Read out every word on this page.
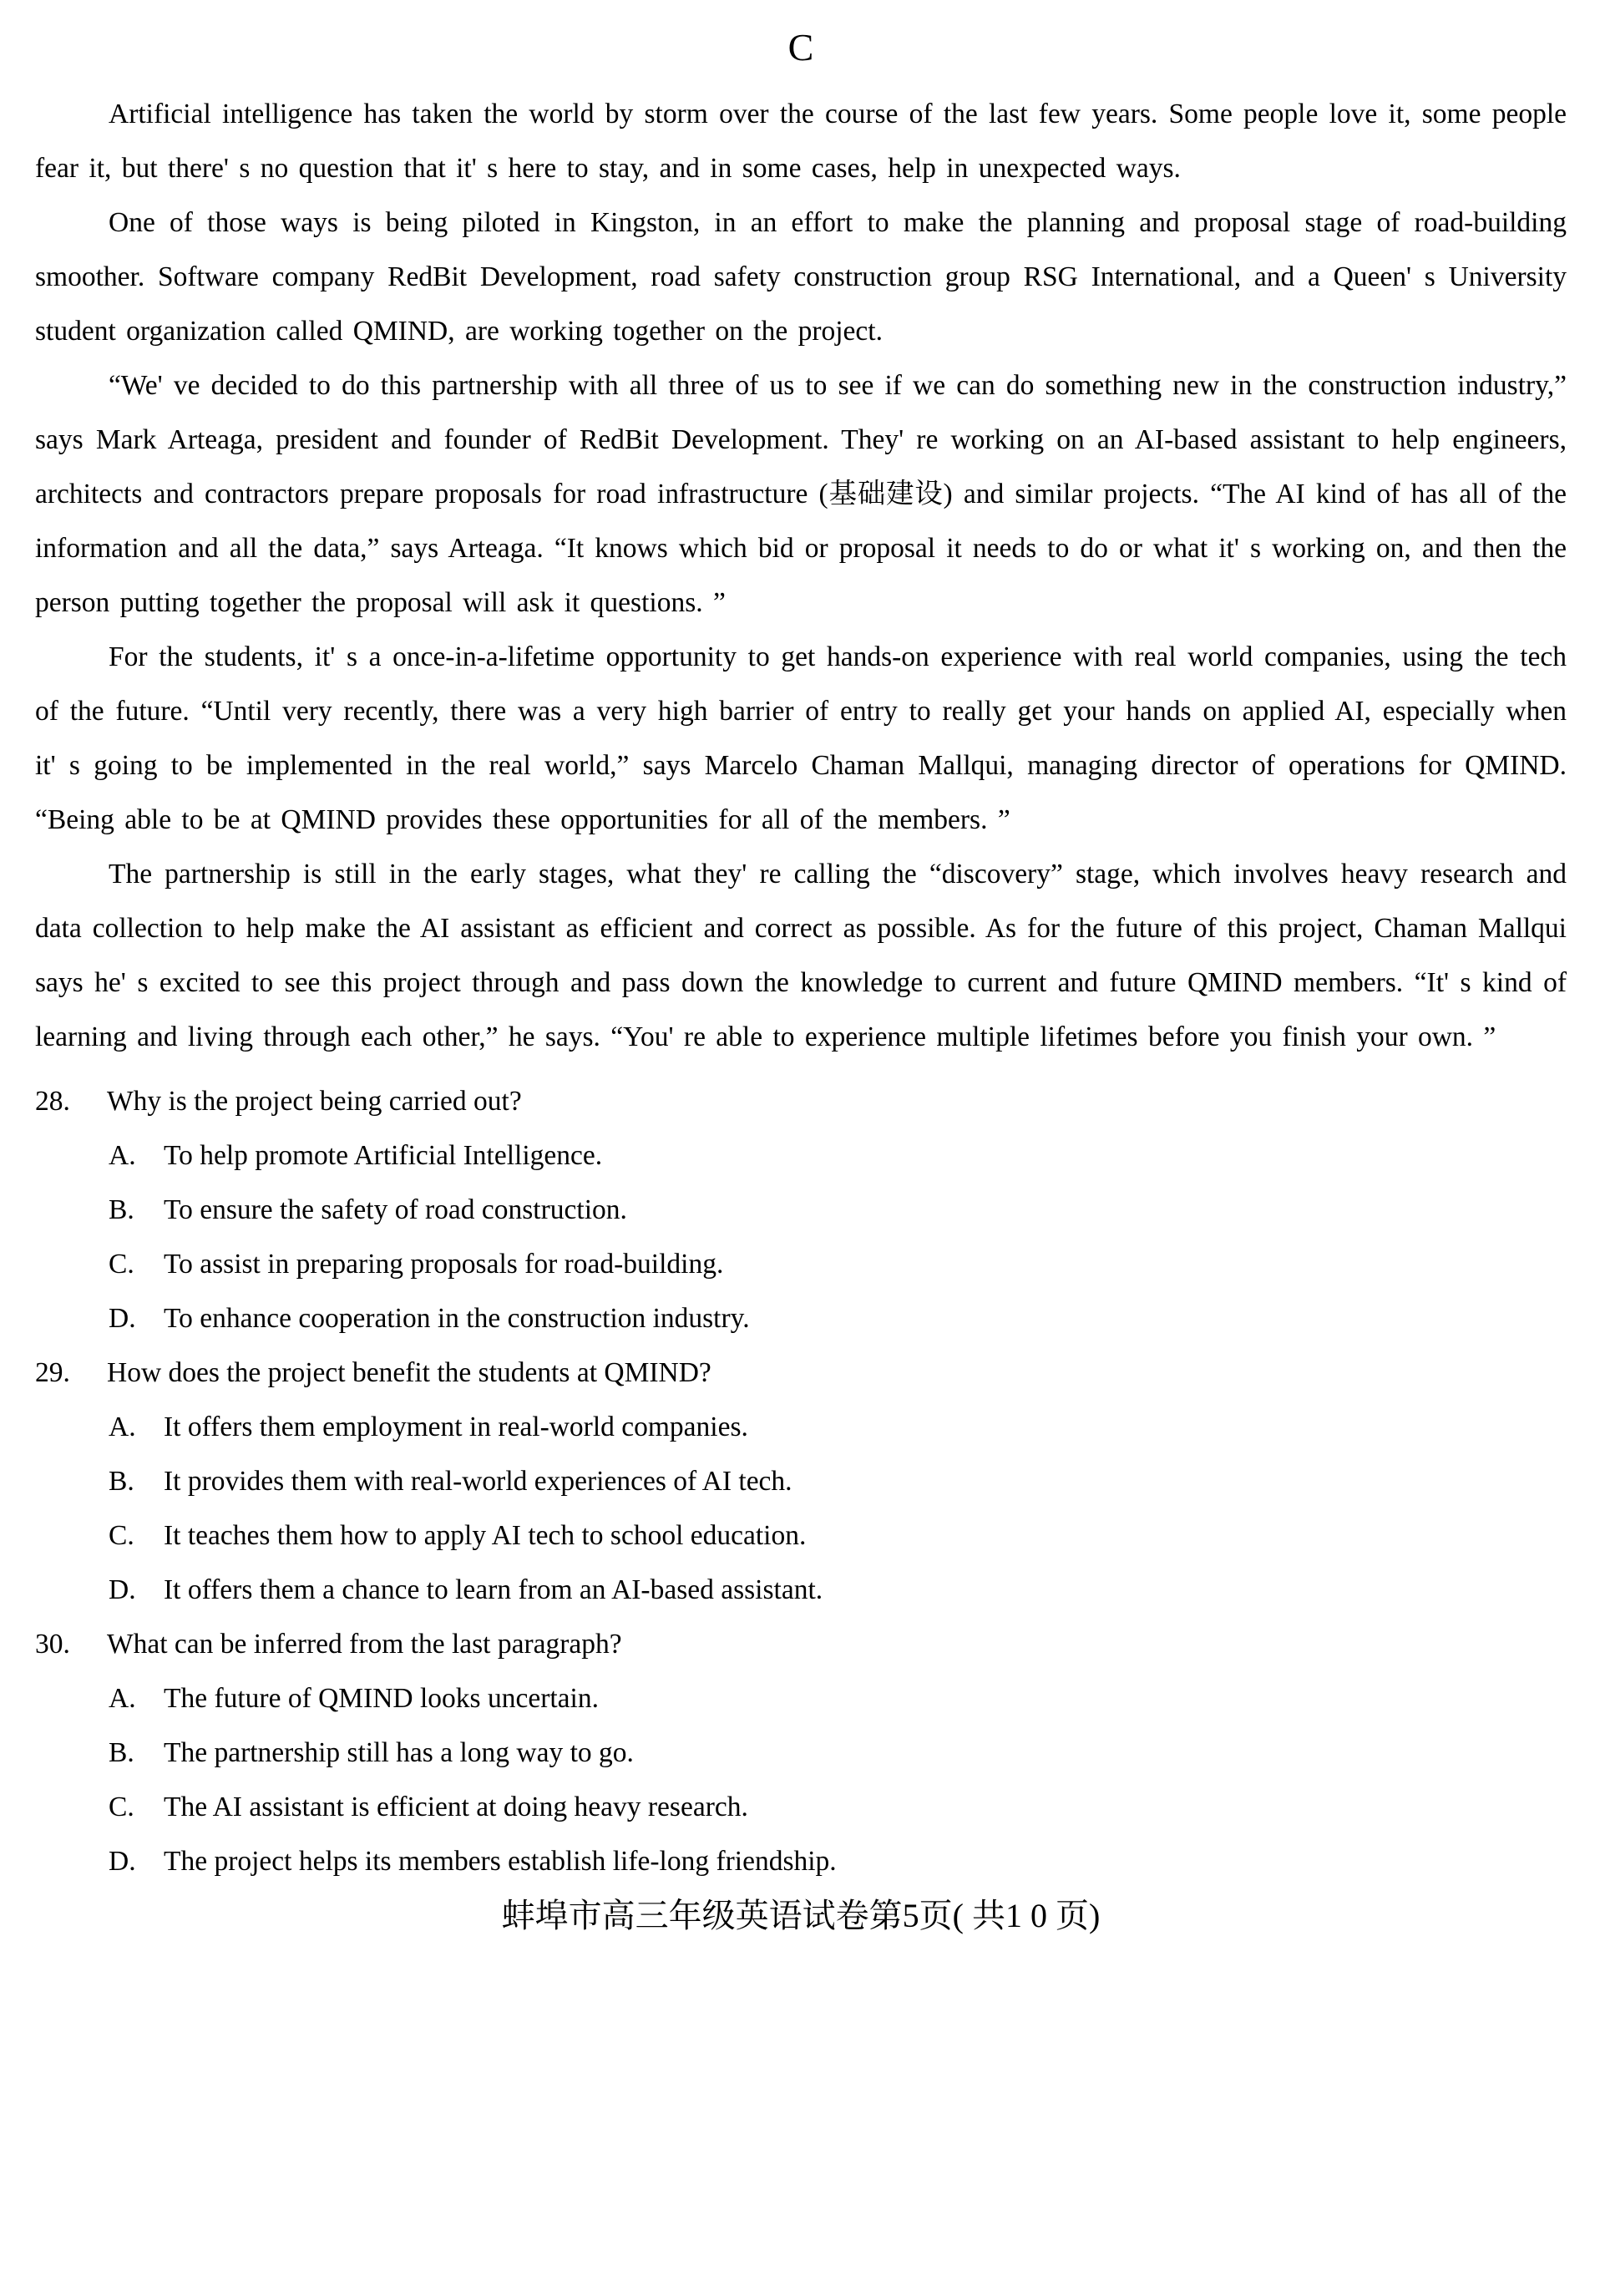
C

Artificial intelligence has taken the world by storm over the course of the last few years. Some people love it, some people fear it, but there' s no question that it' s here to stay, and in some cases, help in unexpected ways.

One of those ways is being piloted in Kingston, in an effort to make the planning and proposal stage of road-building smoother. Software company RedBit Development, road safety construction group RSG International, and a Queen' s University student organization called QMIND, are working together on the project.

“We' ve decided to do this partnership with all three of us to see if we can do something new in the construction industry,” says Mark Arteaga, president and founder of RedBit Development. They' re working on an AI-based assistant to help engineers, architects and contractors prepare proposals for road infrastructure (基础建设) and similar projects. “The AI kind of has all of the information and all the data,” says Arteaga. “It knows which bid or proposal it needs to do or what it' s working on, and then the person putting together the proposal will ask it questions. ”

For the students, it' s a once-in-a-lifetime opportunity to get hands-on experience with real world companies, using the tech of the future. “Until very recently, there was a very high barrier of entry to really get your hands on applied AI, especially when it' s going to be implemented in the real world,” says Marcelo Chaman Mallqui, managing director of operations for QMIND. “Being able to be at QMIND provides these opportunities for all of the members. ”

The partnership is still in the early stages, what they' re calling the “discovery” stage, which involves heavy research and data collection to help make the AI assistant as efficient and correct as possible. As for the future of this project, Chaman Mallqui says he' s excited to see this project through and pass down the knowledge to current and future QMIND members. “It' s kind of learning and living through each other,” he says. “You' re able to experience multiple lifetimes before you finish your own. ”

28. Why is the project being carried out?
A. To help promote Artificial Intelligence.
B. To ensure the safety of road construction.
C. To assist in preparing proposals for road-building.
D. To enhance cooperation in the construction industry.
29. How does the project benefit the students at QMIND?
A. It offers them employment in real-world companies.
B. It provides them with real-world experiences of AI tech.
C. It teaches them how to apply AI tech to school education.
D. It offers them a chance to learn from an AI-based assistant.
30. What can be inferred from the last paragraph?
A. The future of QMIND looks uncertain.
B. The partnership still has a long way to go.
C. The AI assistant is efficient at doing heavy research.
D. The project helps its members establish life-long friendship.
蚌埠市高三年级英语试卷第5页( 共1 0 页)
